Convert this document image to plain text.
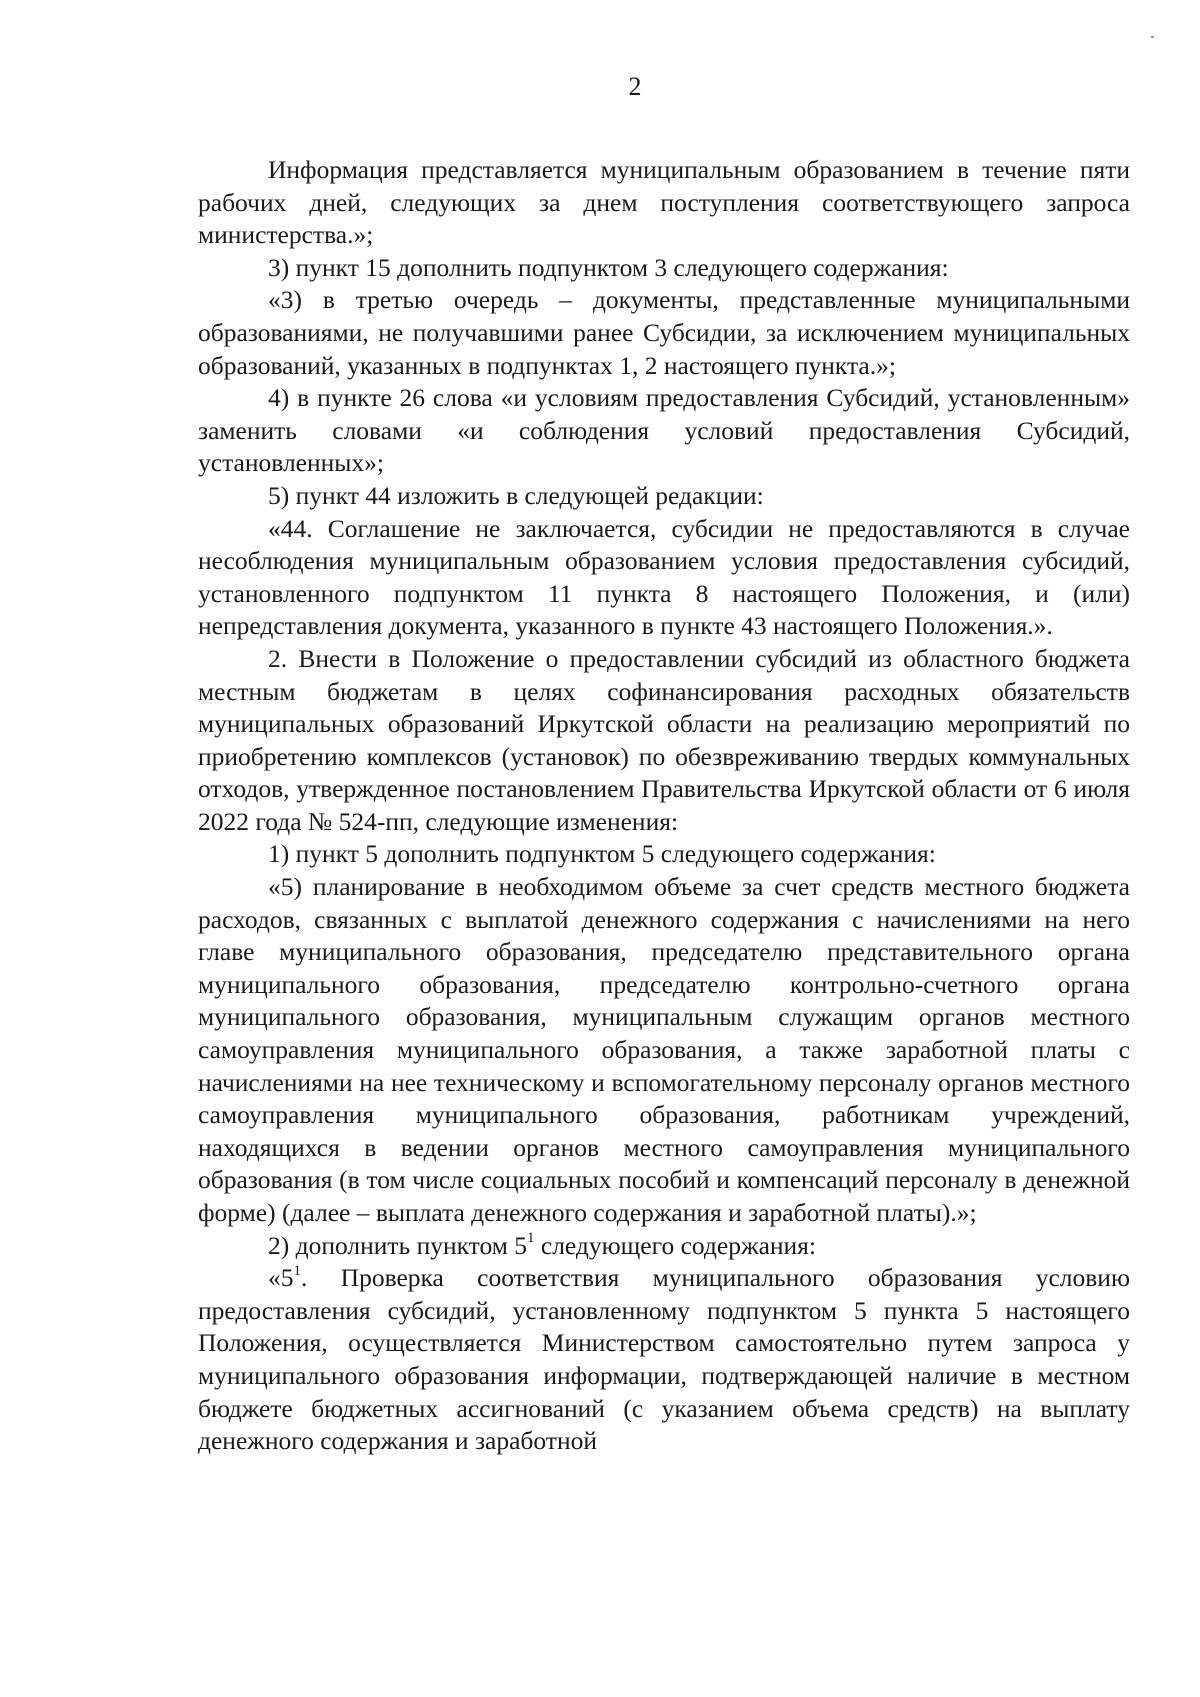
2

Информация представляется муниципальным образованием в течение пяти рабочих дней, следующих за днем поступления соответствующего запроса министерства.»;

3) пункт 15 дополнить подпунктом 3 следующего содержания:

«3) в третью очередь – документы, представленные муниципальными образованиями, не получавшими ранее Субсидии, за исключением муниципальных образований, указанных в подпунктах 1, 2 настоящего пункта.»;

4) в пункте 26 слова «и условиям предоставления Субсидий, установленным» заменить словами «и соблюдения условий предоставления Субсидий, установленных»;

5) пункт 44 изложить в следующей редакции:

«44. Соглашение не заключается, субсидии не предоставляются в случае несоблюдения муниципальным образованием условия предоставления субсидий, установленного подпунктом 11 пункта 8 настоящего Положения, и (или) непредставления документа, указанного в пункте 43 настоящего Положения.».

2. Внести в Положение о предоставлении субсидий из областного бюджета местным бюджетам в целях софинансирования расходных обязательств муниципальных образований Иркутской области на реализацию мероприятий по приобретению комплексов (установок) по обезвреживанию твердых коммунальных отходов, утвержденное постановлением Правительства Иркутской области от 6 июля 2022 года № 524-пп, следующие изменения:

1) пункт 5 дополнить подпунктом 5 следующего содержания:

«5) планирование в необходимом объеме за счет средств местного бюджета расходов, связанных с выплатой денежного содержания с начислениями на него главе муниципального образования, председателю представительного органа муниципального образования, председателю контрольно-счетного органа муниципального образования, муниципальным служащим органов местного самоуправления муниципального образования, а также заработной платы с начислениями на нее техническому и вспомогательному персоналу органов местного самоуправления муниципального образования, работникам учреждений, находящихся в ведении органов местного самоуправления муниципального образования (в том числе социальных пособий и компенсаций персоналу в денежной форме) (далее – выплата денежного содержания и заработной платы).»;

2) дополнить пунктом $5^1$ следующего содержания:

«$5^1$. Проверка соответствия муниципального образования условию предоставления субсидий, установленному подпунктом 5 пункта 5 настоящего Положения, осуществляется Министерством самостоятельно путем запроса у муниципального образования информации, подтверждающей наличие в местном бюджете бюджетных ассигнований (с указанием объема средств) на выплату денежного содержания и заработной
